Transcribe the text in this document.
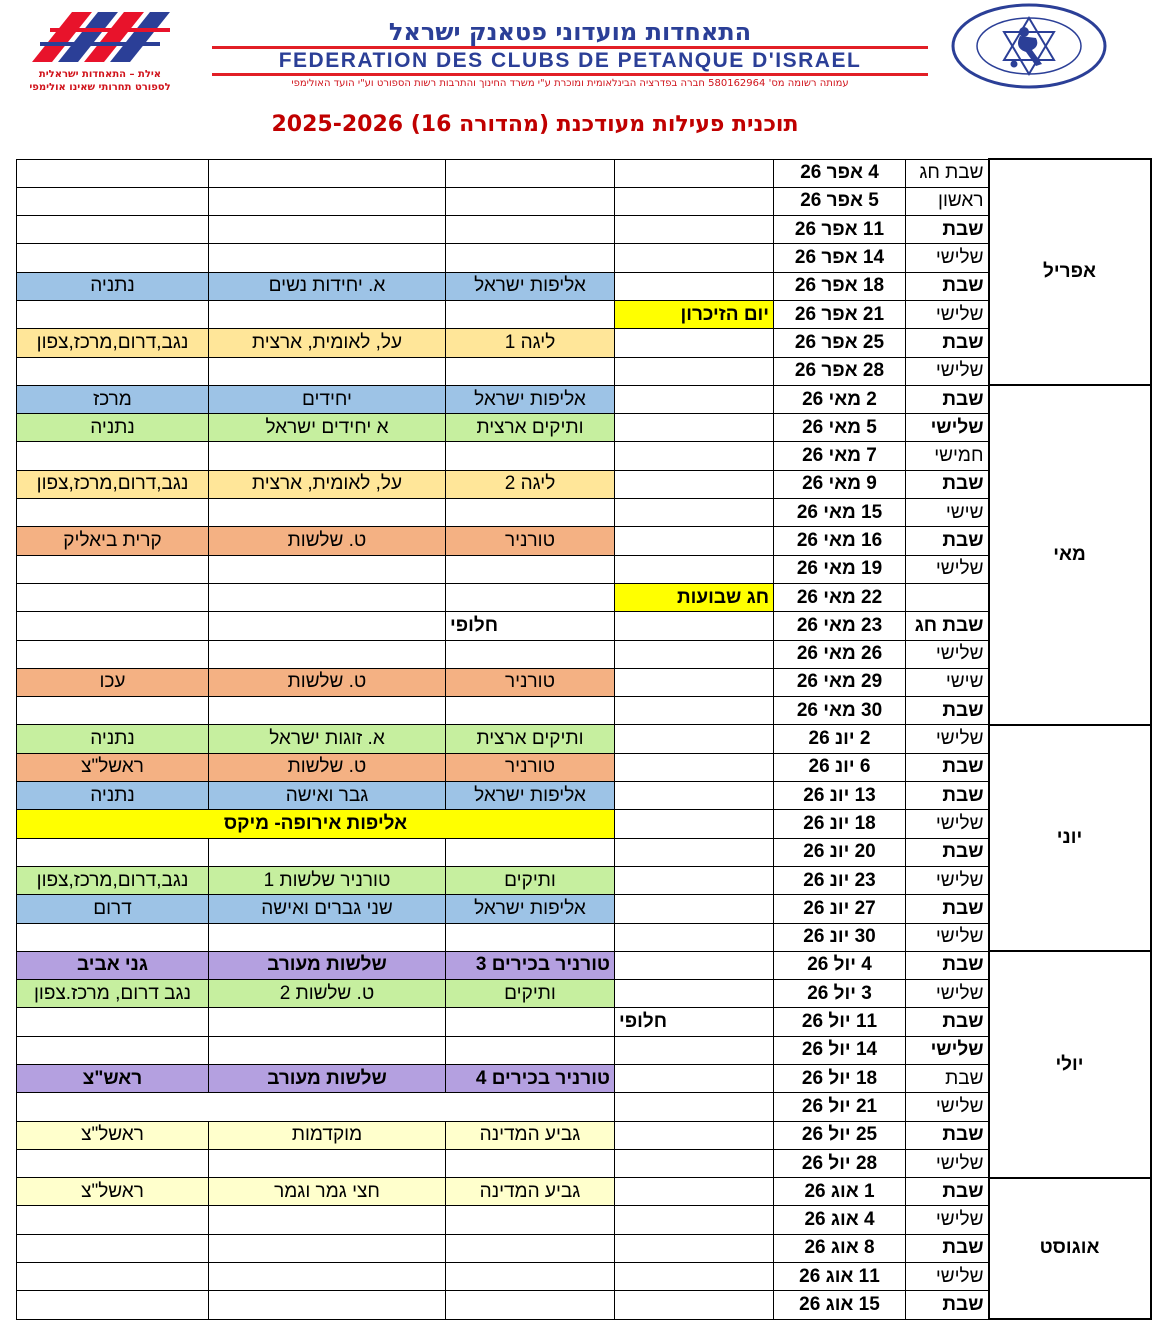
אילת – התאחדות ישראלית
לספורט תחרותי שאינו אולימפי
התאחדות מועדוני פטאנק ישראל
FEDERATION DES CLUBS DE PETANQUE D'ISRAEL
עמותה רשומה מס' 580162964 חברה בפדרציה הבינלאומית ומוכרת ע"י משרד החינוך והתרבות רשות הספורט וע"י הועד האולימפי
תוכנית פעילות מעודכנת (מהדורה 16) 2025-2026
				4 אפר 26	שבת חג	אפריל
				5 אפר 26	ראשון	
				11 אפר 26	שבת	
				14 אפר 26	שלישי	
נתניה	א. יחידות נשים	אליפות ישראל		18 אפר 26	שבת	
			יום הזיכרון	21 אפר 26	שלישי	
נגב,דרום,מרכז,צפון	על, לאומית, ארצית	ליגה 1		25 אפר 26	שבת	
				28 אפר 26	שלישי	
מרכז	יחידים	אליפות ישראל		2 מאי 26	שבת	מאי
נתניה	א יחידים ישראל	ותיקים ארצית		5 מאי 26	שלישי	
				7 מאי 26	חמישי	
נגב,דרום,מרכז,צפון	על, לאומית, ארצית	ליגה 2		9 מאי 26	שבת	
				15 מאי 26	שישי	
קרית ביאליק	ט. שלשות	טורניר		16 מאי 26	שבת	
				19 מאי 26	שלישי	
			חג שבועות	22 מאי 26		
		חלופי		23 מאי 26	שבת חג	
				26 מאי 26	שלישי	
עכו	ט. שלשות	טורניר		29 מאי 26	שישי	
				30 מאי 26	שבת	
נתניה	א. זוגות ישראל	ותיקים ארצית		2 יונ 26	שלישי	יוני
ראשל"צ	ט. שלשות	טורניר		6 יונ 26	שבת	
נתניה	גבר ואישה	אליפות ישראל		13 יונ 26	שבת	
אליפות אירופה- מיקס				18 יונ 26	שלישי	
				20 יונ 26	שבת	
נגב,דרום,מרכז,צפון	טורניר שלשות 1	ותיקים		23 יונ 26	שלישי	
דרום	שני גברים ואישה	אליפות ישראל		27 יונ 26	שבת	
				30 יונ 26	שלישי	
גני אביב	שלשות מעורב	טורניר בכירים 3		4 יול 26	שבת	יולי
נגב דרום, מרכז.צפון	ט. שלשות 2	ותיקים		3 יול 26	שלישי	
			חלופי	11 יול 26	שבת	
				14 יול 26	שלישי	
ראש"צ	שלשות מעורב	טורניר בכירים 4		18 יול 26	שבת	
				21 יול 26	שלישי	
ראשל"צ	מוקדמות	גביע המדינה		25 יול 26	שבת	
				28 יול 26	שלישי	
ראשל"צ	חצי גמר וגמר	גביע המדינה		1 אוג 26	שבת	אוגוסט
				4 אוג 26	שלישי	
				8 אוג 26	שבת	
				11 אוג 26	שלישי	
				15 אוג 26	שבת	
